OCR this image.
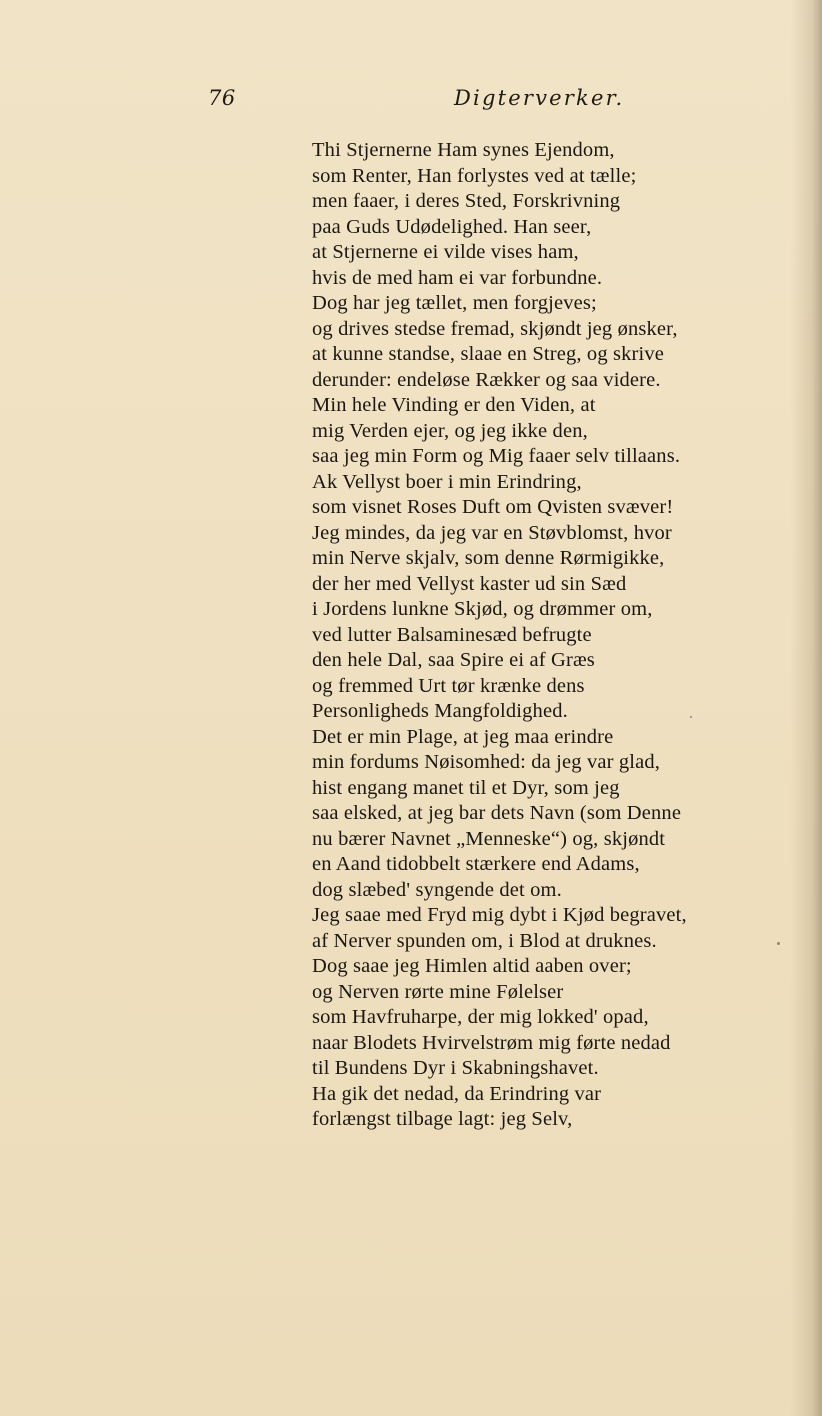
76	Digterverker.
Thi Stjernerne Ham synes Ejendom,
som Renter, Han forlystes ved at tælle;
men faaer, i deres Sted, Forskrivning
paa Guds Udødelighed. Han seer,
at Stjernerne ei vilde vises ham,
hvis de med ham ei var forbundne.
Dog har jeg tællet, men forgjeves;
og drives stedse fremad, skjøndt jeg ønsker,
at kunne standse, slaae en Streg, og skrive
derunder: endeløse Rækker og saa videre.
Min hele Vinding er den Viden, at
mig Verden ejer, og jeg ikke den,
saa jeg min Form og Mig faaer selv tillaans.
Ak Vellyst boer i min Erindring,
som visnet Roses Duft om Qvisten svæver!
Jeg mindes, da jeg var en Støvblomst, hvor
min Nerve skjalv, som denne Rørmigikke,
der her med Vellyst kaster ud sin Sæd
i Jordens lunkne Skjød, og drømmer om,
ved lutter Balsaminesæd befrugte
den hele Dal, saa Spire ei af Græs
og fremmed Urt tør krænke dens
Personligheds Mangfoldighed.
Det er min Plage, at jeg maa erindre
min fordums Nøisomhed: da jeg var glad,
hist engang manet til et Dyr, som jeg
saa elsked, at jeg bar dets Navn (som Denne
nu bærer Navnet „Menneske“) og, skjøndt
en Aand tidobbelt stærkere end Adams,
dog slæbed' syngende det om.
Jeg saae med Fryd mig dybt i Kjød begravet,
af Nerver spunden om, i Blod at druknes.
Dog saae jeg Himlen altid aaben over;
og Nerven rørte mine Følelser
som Havfruharpe, der mig lokked' opad,
naar Blodets Hvirvelstrøm mig førte nedad
til Bundens Dyr i Skabningshavet.
Ha gik det nedad, da Erindring var
forlængst tilbage lagt: jeg Selv,
